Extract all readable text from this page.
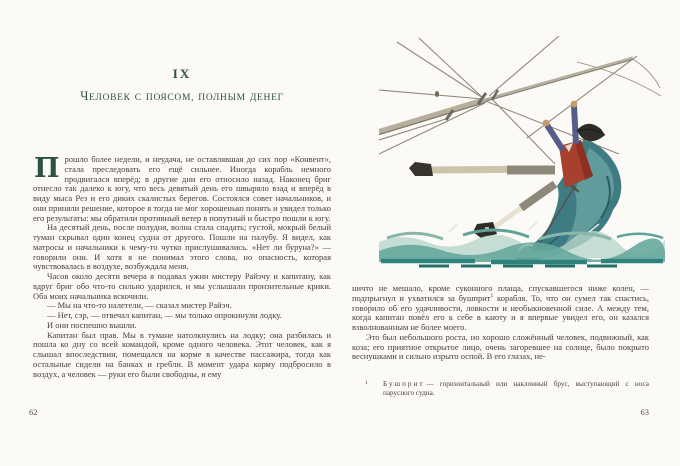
IX
ЧЕЛОВЕК С ПОЯСОМ, ПОЛНЫМ ДЕНЕГ

Прошло более недели, и неудача, не оставлявшая до сих пор «Конвент», стала преследовать его ещё сильнее. Иногда корабль немного продвигался вперёд; в другие дни его относило назад. Наконец бриг отнесло так далеко к югу, что весь девятый день его швыряло взад и вперёд в виду мыса Рез и его диких скалистых берегов. Состоялся совет начальников, и они приняли решение, которое я тогда не мог хорошенько понять и увидел только его результаты: мы обратили противный ветер в попутный и быстро пошли к югу.

На десятый день, после полудня, волна стала спадать; густой, мокрый белый туман скрывал один конец судна от другого. Пошли на палубу. Я видел, как матросы и начальники к чему-то чутко прислушивались. «Нет ли буруна?» — говорили они. И хотя я не понимал этого слова, но опасность, которая чувствовалась в воздухе, возбуждала меня.

Часов около десяти вечера я подавал ужин мистеру Райэчу и капитану, как вдруг бриг обо что-то сильно ударился, и мы услышали пронзительные крики. Оба моих начальника вскочили.

— Мы на что-то налетели, — сказал мистер Райэч.

— Нет, сэр, — отвечал капитан, — мы только опрокинули лодку.

И они поспешно вышли.

Капитан был прав. Мы в тумане натолкнулись на лодку; она разбилась и пошла ко дну со всей командой, кроме одного человека. Этот человек, как я слышал впоследствии, помещался на корме в качестве пассажира, тогда как остальные сидели на банках и гребли. В момент удара корму подбросило в воздух, а человек — руки его были свободны, и ему

62

ничто не мешало, кроме суконного плаща, спускавшегося ниже колен, — подпрыгнул и ухватился за бушприт$^1$ корабля. То, что он сумел так спастись, говорило об его удачливости, ловкости и необыкновенной силе. А между тем, когда капитан повёл его к себе в каюту и я впервые увидел его, он казался взволнованным не более моего.

Это был небольшого роста, но хорошо сложённый человек, подвижный, как коза; его приятное открытое лицо, очень загоревшее на солнце, было покрыто веснушками и сильно изрыто оспой. В его глазах, не-

1 Бушприт — горизонтальный или наклонный брус, выступающий с носа парусного судна.
63
